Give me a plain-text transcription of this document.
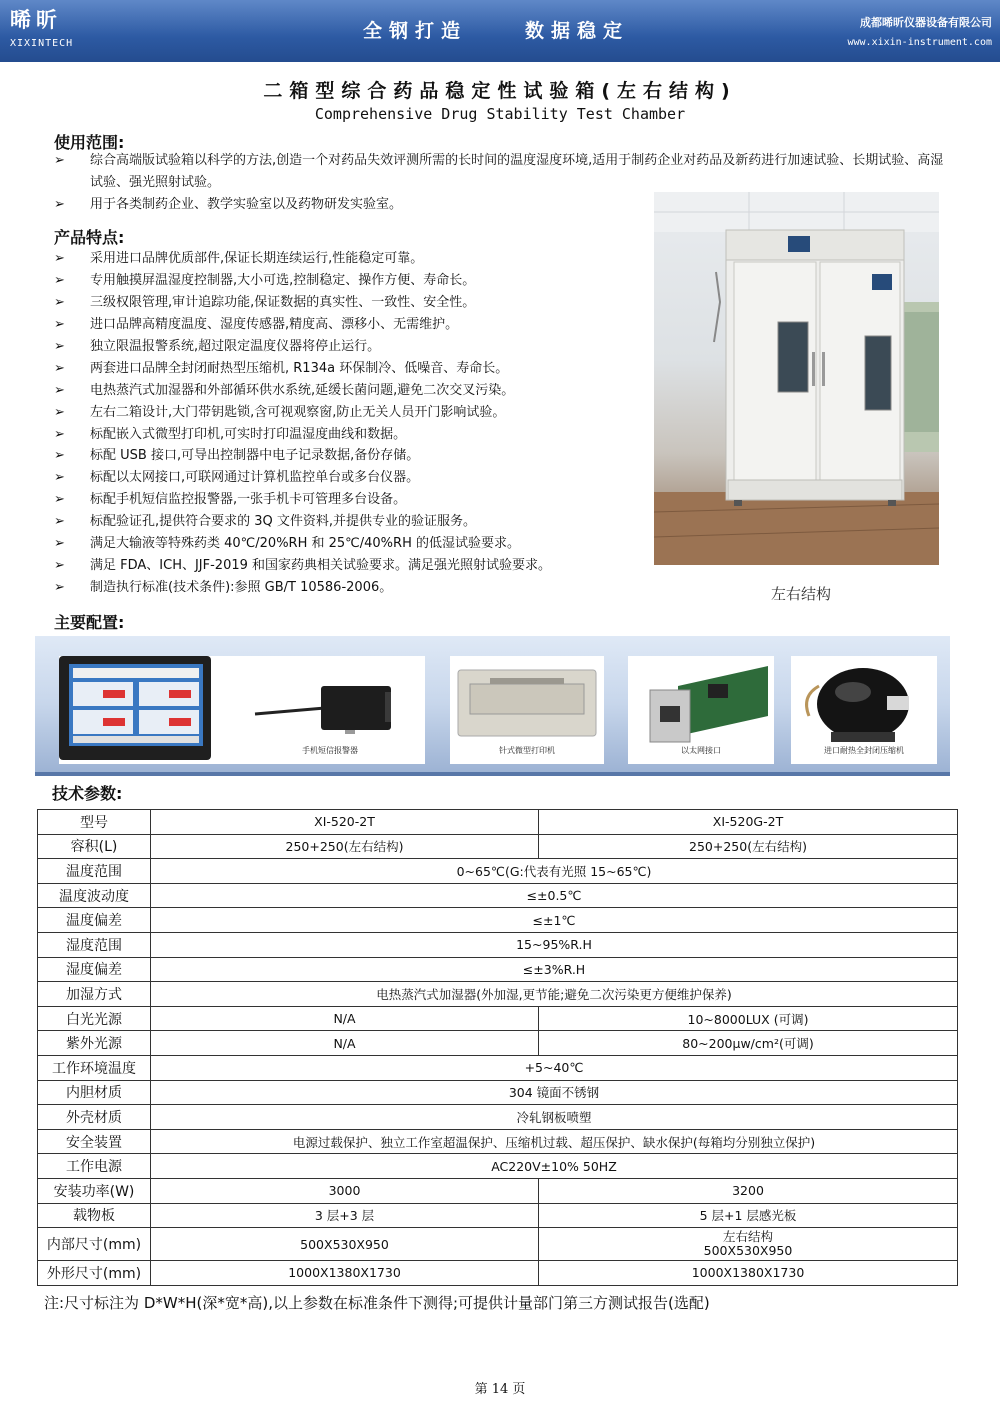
晞昕
XIXINTECH
全钢打造	数据稳定	成都晞昕仪器设备有限公司
www.xixin-instrument.com
二箱型综合药品稳定性试验箱(左右结构)
Comprehensive Drug Stability Test Chamber
使用范围:
➢ 综合高端版试验箱以科学的方法,创造一个对药品失效评测所需的长时间的温度湿度环境,适用于制药企业对药品及新药进行加速试验、长期试验、高湿试验、强光照射试验。
➢ 用于各类制药企业、教学实验室以及药物研发实验室。
产品特点:
➢ 采用进口品牌优质部件,保证长期连续运行,性能稳定可靠。
➢ 专用触摸屏温湿度控制器,大小可选,控制稳定、操作方便、寿命长。
➢ 三级权限管理,审计追踪功能,保证数据的真实性、一致性、安全性。
➢ 进口品牌高精度温度、湿度传感器,精度高、漂移小、无需维护。
➢ 独立限温报警系统,超过限定温度仪器将停止运行。
➢ 两套进口品牌全封闭耐热型压缩机, R134a 环保制冷、低噪音、寿命长。
➢ 电热蒸汽式加湿器和外部循环供水系统,延缓长菌问题,避免二次交叉污染。
➢ 左右二箱设计,大门带钥匙锁,含可视观察窗,防止无关人员开门影响试验。
➢ 标配嵌入式微型打印机,可实时打印温湿度曲线和数据。
➢ 标配 USB 接口,可导出控制器中电子记录数据,备份存储。
➢ 标配以太网接口,可联网通过计算机监控单台或多台仪器。
➢ 标配手机短信监控报警器,一张手机卡可管理多台设备。
➢ 标配验证孔,提供符合要求的 3Q 文件资料,并提供专业的验证服务。
➢ 满足大输液等特殊药类 40℃/20%RH 和 25℃/40%RH 的低湿试验要求。
➢ 满足 FDA、ICH、JJF-2019 和国家药典相关试验要求。满足强光照射试验要求。
➢ 制造执行标准(技术条件):参照 GB/T 10586-2006。	左右结构
主要配置:
手机短信报警器	针式微型打印机	以太网接口	进口耐热全封闭压缩机
技术参数:
型号	XI-520-2T	XI-520G-2T
容积(L)	250+250(左右结构)	250+250(左右结构)
温度范围	0~65℃(G:代表有光照 15~65℃)	
温度波动度	≤±0.5℃	
温度偏差	≤±1℃	
湿度范围	15~95%R.H	
湿度偏差	≤±3%R.H	
加湿方式	电热蒸汽式加湿器(外加湿,更节能;避免二次污染更方便维护保养)	
白光光源	N/A	10~8000LUX (可调)
紫外光源	N/A	80~200μw/cm²(可调)
工作环境温度	+5~40℃	
内胆材质	304 镜面不锈钢	
外壳材质	冷轧钢板喷塑	
安全装置	电源过载保护、独立工作室超温保护、压缩机过载、超压保护、缺水保护(每箱均分别独立保护)	
工作电源	AC220V±10% 50HZ	
安装功率(W)	3000	3200
载物板	3 层+3 层	5 层+1 层感光板
内部尺寸(mm)	500X530X950	左右结构
500X530X950

外形尺寸(mm)	1000X1380X1730	1000X1380X1730
注:尺寸标注为 D*W*H(深*宽*高),以上参数在标准条件下测得;可提供计量部门第三方测试报告(选配)
第 14 页
